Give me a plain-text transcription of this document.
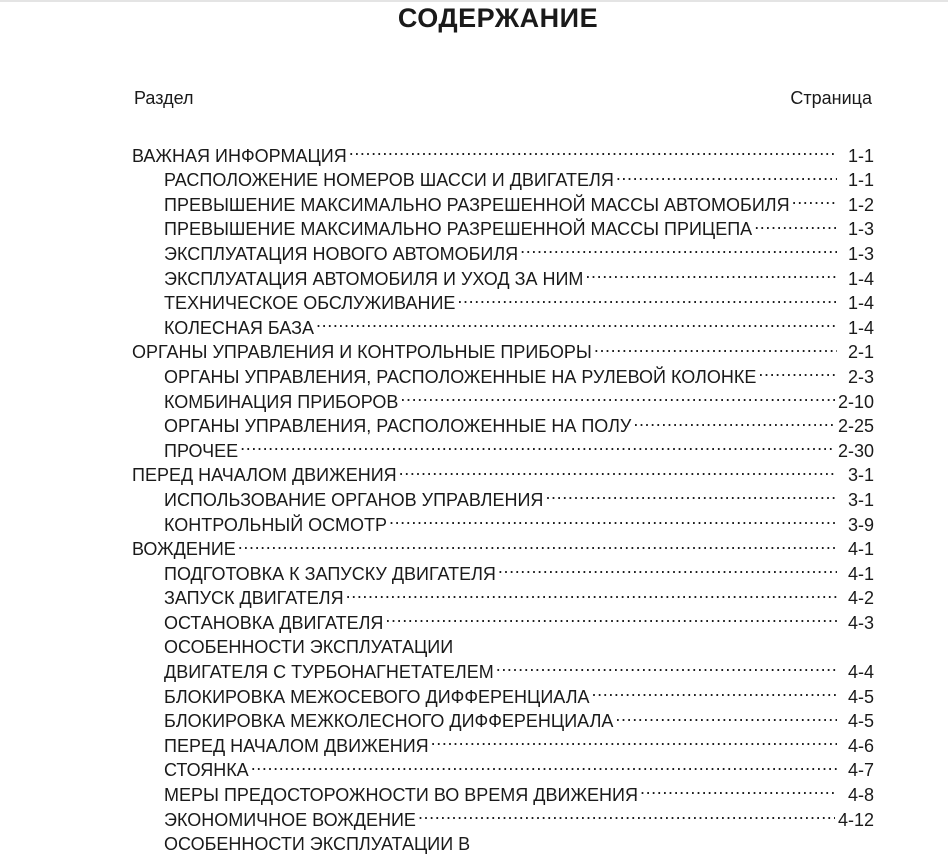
СОДЕРЖАНИЕ
Раздел	Страница
ВАЖНАЯ ИНФОРМАЦИЯ .....	1-1
РАСПОЛОЖЕНИЕ НОМЕРОВ ШАССИ И ДВИГАТЕЛЯ .....	1-1
ПРЕВЫШЕНИЕ МАКСИМАЛЬНО РАЗРЕШЕННОЙ МАССЫ АВТОМОБИЛЯ .....	1-2
ПРЕВЫШЕНИЕ МАКСИМАЛЬНО РАЗРЕШЕННОЙ МАССЫ ПРИЦЕПА .....	1-3
ЭКСПЛУАТАЦИЯ НОВОГО АВТОМОБИЛЯ .....	1-3
ЭКСПЛУАТАЦИЯ АВТОМОБИЛЯ И УХОД ЗА НИМ .....	1-4
ТЕХНИЧЕСКОЕ ОБСЛУЖИВАНИЕ .....	1-4
КОЛЕСНАЯ БАЗА .....	1-4
ОРГАНЫ УПРАВЛЕНИЯ И КОНТРОЛЬНЫЕ ПРИБОРЫ .....	2-1
ОРГАНЫ УПРАВЛЕНИЯ, РАСПОЛОЖЕННЫЕ НА РУЛЕВОЙ КОЛОНКЕ .....	2-3
КОМБИНАЦИЯ ПРИБОРОВ .....	2-10
ОРГАНЫ УПРАВЛЕНИЯ, РАСПОЛОЖЕННЫЕ НА ПОЛУ .....	2-25
ПРОЧЕЕ .....	2-30
ПЕРЕД НАЧАЛОМ ДВИЖЕНИЯ .....	3-1
ИСПОЛЬЗОВАНИЕ ОРГАНОВ УПРАВЛЕНИЯ .....	3-1
КОНТРОЛЬНЫЙ ОСМОТР .....	3-9
ВОЖДЕНИЕ .....	4-1
ПОДГОТОВКА К ЗАПУСКУ ДВИГАТЕЛЯ .....	4-1
ЗАПУСК ДВИГАТЕЛЯ .....	4-2
ОСТАНОВКА ДВИГАТЕЛЯ .....	4-3
ОСОБЕННОСТИ ЭКСПЛУАТАЦИИ
ДВИГАТЕЛЯ С ТУРБОНАГНЕТАТЕЛЕМ .....	4-4
БЛОКИРОВКА МЕЖОСЕВОГО ДИФФЕРЕНЦИАЛА .....	4-5
БЛОКИРОВКА МЕЖКОЛЕСНОГО ДИФФЕРЕНЦИАЛА .....	4-5
ПЕРЕД НАЧАЛОМ ДВИЖЕНИЯ .....	4-6
СТОЯНКА .....	4-7
МЕРЫ ПРЕДОСТОРОЖНОСТИ ВО ВРЕМЯ ДВИЖЕНИЯ .....	4-8
ЭКОНОМИЧНОЕ ВОЖДЕНИЕ .....	4-12
ОСОБЕННОСТИ ЭКСПЛУАТАЦИИ В
